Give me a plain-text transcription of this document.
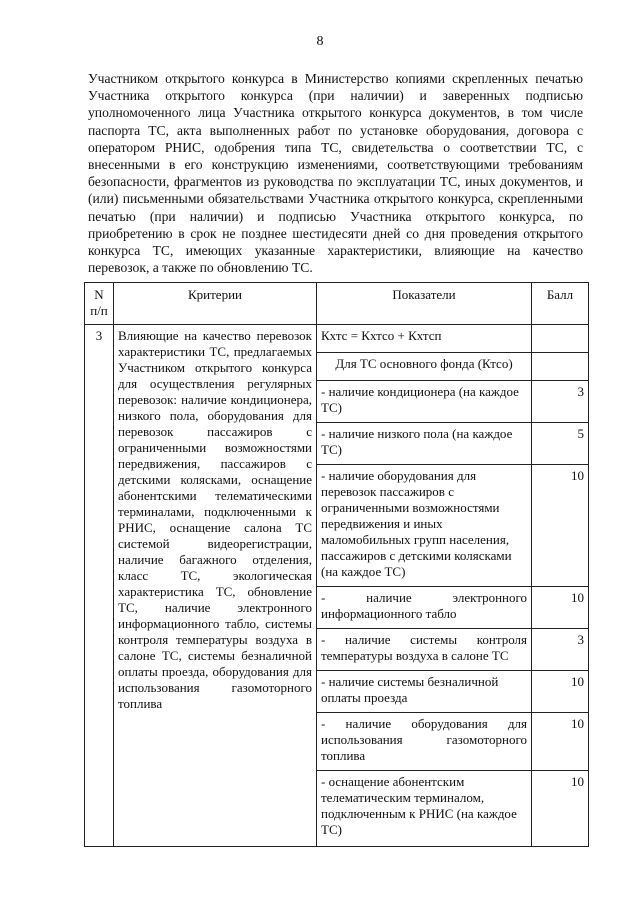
8
Участником открытого конкурса в Министерство копиями скрепленных печатью Участника открытого конкурса (при наличии) и заверенных подписью уполномоченного лица Участника открытого конкурса документов, в том числе паспорта ТС, акта выполненных работ по установке оборудования, договора с оператором РНИС, одобрения типа ТС, свидетельства о соответствии ТС, с внесенными в его конструкцию изменениями, соответствующими требованиям безопасности, фрагментов из руководства по эксплуатации ТС, иных документов, и (или) письменными обязательствами Участника открытого конкурса, скрепленными печатью (при наличии) и подписью Участника открытого конкурса, по приобретению в срок не позднее шестидесяти дней со дня проведения открытого конкурса ТС, имеющих указанные характеристики, влияющие на качество перевозок, а также по обновлению ТС.
N п/п	Критерии	Показатели	Балл
3	Влияющие на качество перевозок характеристики ТС, предлагаемых Участником открытого конкурса для осуществления регулярных перевозок: наличие кондиционера, низкого пола, оборудования для перевозок пассажиров с ограниченными возможностями передвижения, пассажиров с детскими колясками, оснащение абонентскими телематическими терминалами, подключенными к РНИС, оснащение салона ТС системой видеорегистрации, наличие багажного отделения, класс ТС, экологическая характеристика ТС, обновление ТС, наличие электронного информационного табло, системы контроля температуры воздуха в салоне ТС, системы безналичной оплаты проезда, оборудования для использования газомоторного топлива	Кхтс = Кхтсо + Кхтсп	
		Для ТС основного фонда (Ктсо)	
		- наличие кондиционера (на каждое ТС)	3
		- наличие низкого пола (на каждое ТС)	5
		- наличие оборудования для перевозок пассажиров с ограниченными возможностями передвижения и иных маломобильных групп населения, пассажиров с детскими колясками (на каждое ТС)	10
		- наличие электронного информационного табло	10
		- наличие системы контроля температуры воздуха в салоне ТС	3
		- наличие системы безналичной оплаты проезда	10
		- наличие оборудования для использования газомоторного топлива	10
		- оснащение абонентским телематическим терминалом, подключенным к РНИС (на каждое ТС)	10
